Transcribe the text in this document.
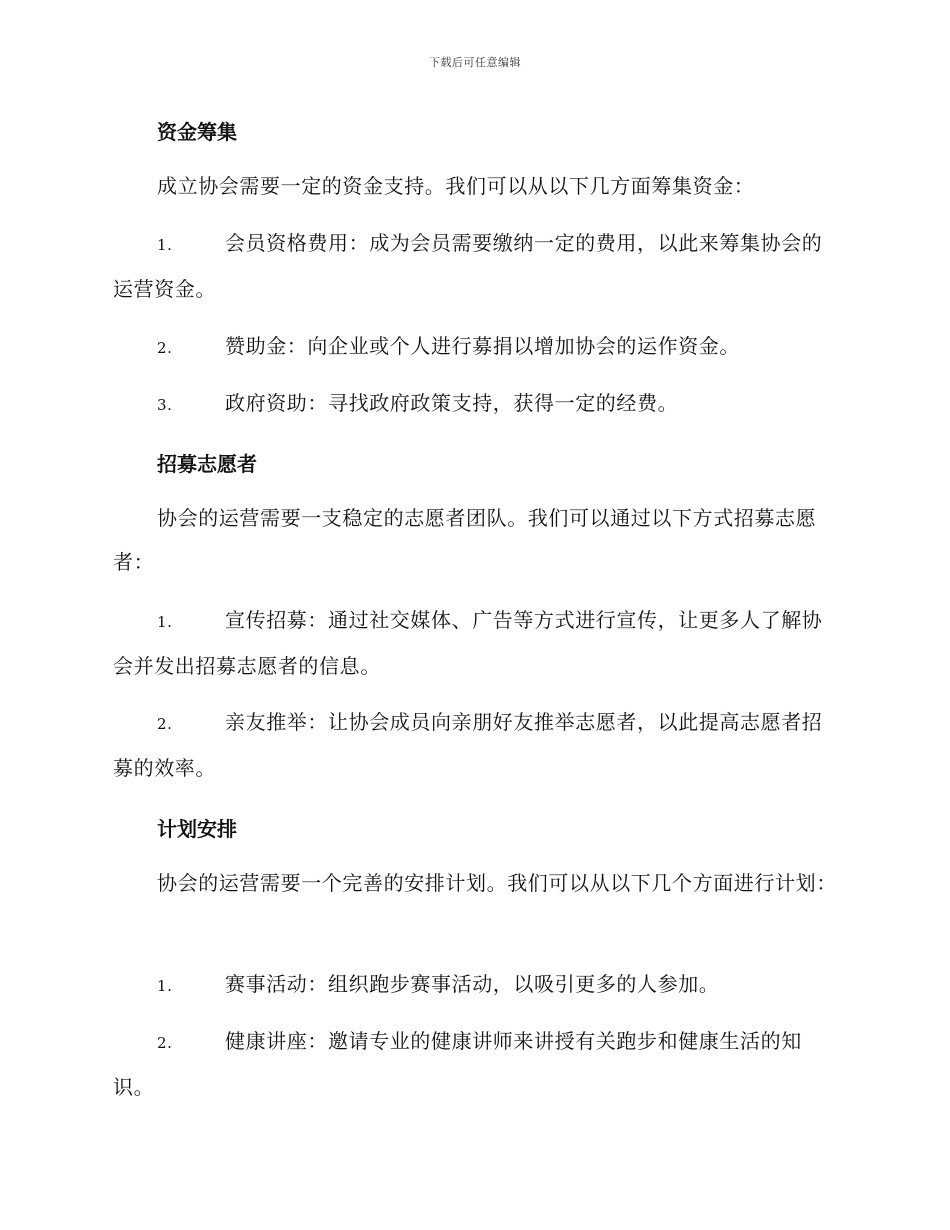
下载后可任意编辑
资金筹集
成立协会需要一定的资金支持。我们可以从以下几方面筹集资金：
1.	会员资格费用：成为会员需要缴纳一定的费用，以此来筹集协会的运营资金。
2.	赞助金：向企业或个人进行募捐以增加协会的运作资金。
3.	政府资助：寻找政府政策支持，获得一定的经费。
招募志愿者
协会的运营需要一支稳定的志愿者团队。我们可以通过以下方式招募志愿者：
1.	宣传招募：通过社交媒体、广告等方式进行宣传，让更多人了解协会并发出招募志愿者的信息。
2.	亲友推举：让协会成员向亲朋好友推举志愿者，以此提高志愿者招募的效率。
计划安排
协会的运营需要一个完善的安排计划。我们可以从以下几个方面进行计划：
1.	赛事活动：组织跑步赛事活动，以吸引更多的人参加。
2.	健康讲座：邀请专业的健康讲师来讲授有关跑步和健康生活的知识。
